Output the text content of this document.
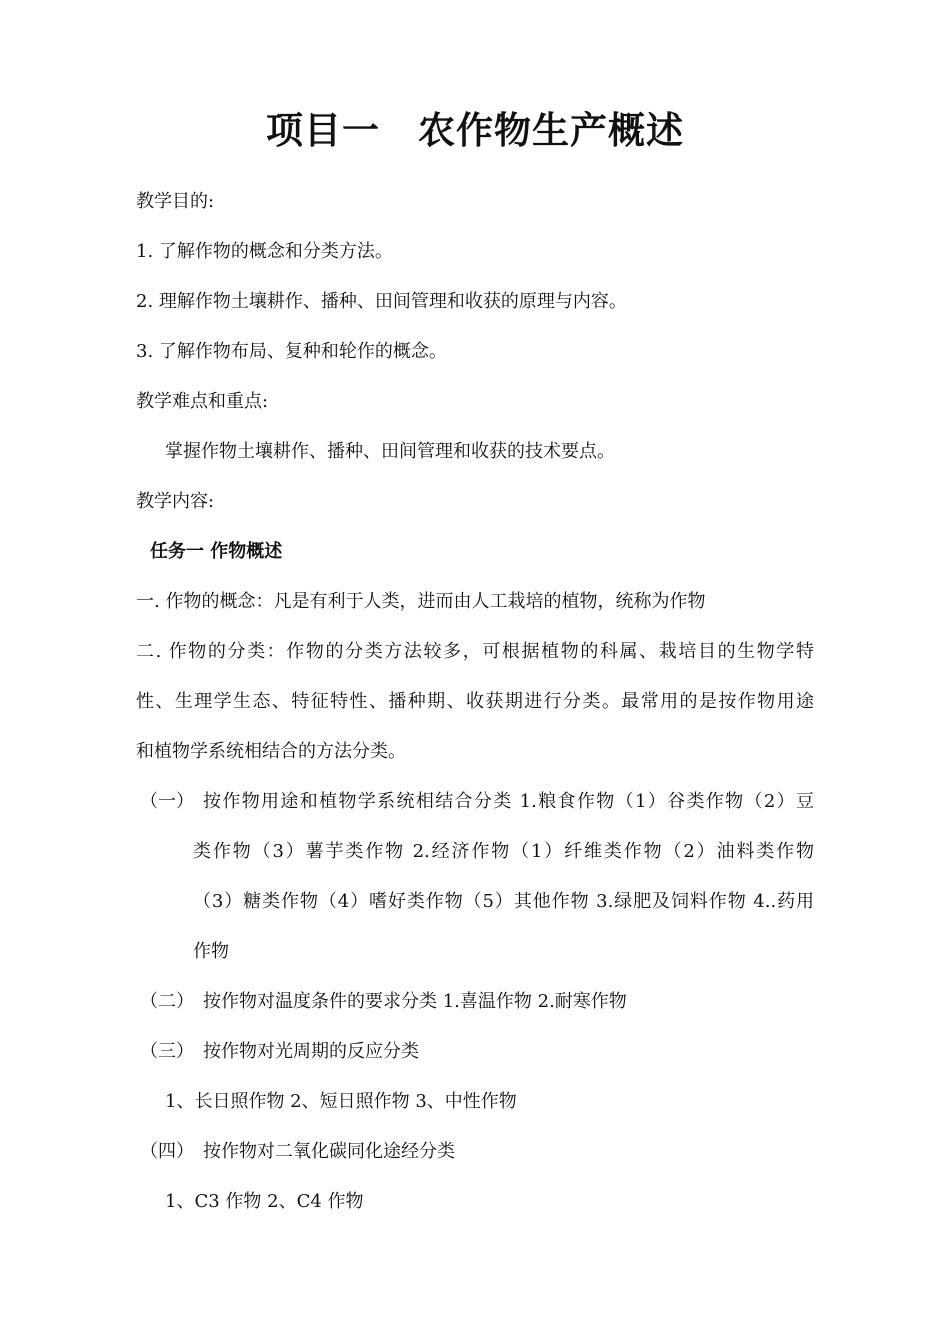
项目一　农作物生产概述
教学目的:
1. 了解作物的概念和分类方法。
2. 理解作物土壤耕作、播种、田间管理和收获的原理与内容。
3. 了解作物布局、复种和轮作的概念。
教学难点和重点:
掌握作物土壤耕作、播种、田间管理和收获的技术要点。
教学内容:
任务一 作物概述
一. 作物的概念：凡是有利于人类，进而由人工栽培的植物，统称为作物
二. 作物的分类：作物的分类方法较多，可根据植物的科属、栽培目的生物学特
性、生理学生态、特征特性、播种期、收获期进行分类。最常用的是按作物用途
和植物学系统相结合的方法分类。
（一） 按作物用途和植物学系统相结合分类 1.粮食作物（1）谷类作物（2）豆
类作物（3）薯芋类作物 2.经济作物（1）纤维类作物（2）油料类作物
（3）糖类作物（4）嗜好类作物（5）其他作物 3.绿肥及饲料作物 4..药用
作物
（二） 按作物对温度条件的要求分类 1.喜温作物 2.耐寒作物
（三） 按作物对光周期的反应分类
1、长日照作物 2、短日照作物 3、中性作物
（四） 按作物对二氧化碳同化途经分类
1、C3 作物 2、C4 作物
